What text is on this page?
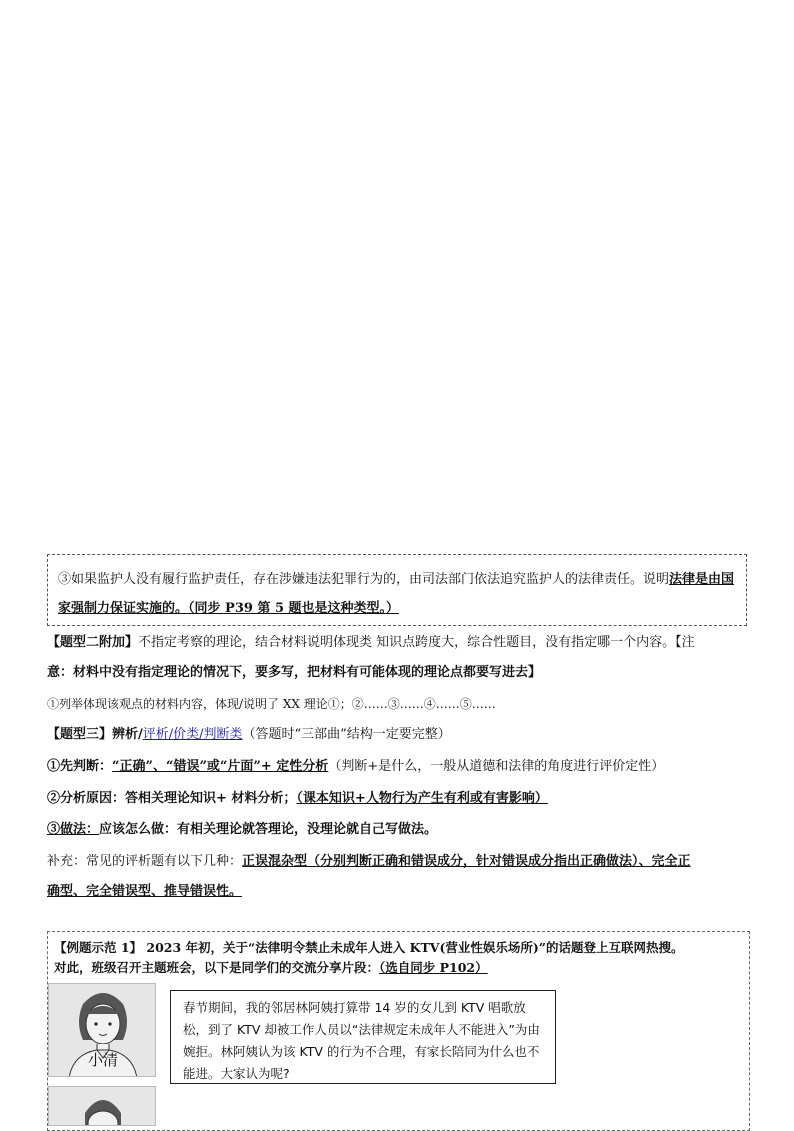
③如果监护人没有履行监护责任，存在涉嫌违法犯罪行为的，由司法部门依法追究监护人的法律责任。说明法律是由国家强制力保证实施的。（同步 P39 第 5 题也是这种类型。）
【题型二附加】不指定考察的理论，结合材料说明体现类 知识点跨度大，综合性题目，没有指定哪一个内容。【注
意：材料中没有指定理论的情况下，要多写，把材料有可能体现的理论点都要写进去】
①列举体现该观点的材料内容，体现/说明了 XX 理论①；②……③……④……⑤……
【题型三】辨析/评析/价类/判断类（答题时“三部曲”结构一定要完整）
①先判断：“正确”、“错误”或“片面”+ 定性分析（判断+是什么，一般从道德和法律的角度进行评价定性）
②分析原因：答相关理论知识+ 材料分析；（课本知识+人物行为产生有利或有害影响）
③做法：应该怎么做：有相关理论就答理论，没理论就自己写做法。
补充：常见的评析题有以下几种：正误混杂型（分别判断正确和错误成分，针对错误成分指出正确做法）、完全正
确型、完全错误型、推导错误性。
【例题示范 1】 2023 年初，关于“法律明令禁止未成年人进入 KTV(营业性娱乐场所)”的话题登上互联网热搜。
对此，班级召开主题班会，以下是同学们的交流分享片段：（选自同步 P102）
小清
春节期间，我的邻居林阿姨打算带 14 岁的女儿到 KTV 唱歌放松，到了 KTV 却被工作人员以“法律规定未成年人不能进入”为由婉拒。林阿姨认为该 KTV 的行为不合理，有家长陪同为什么也不能进。大家认为呢?
